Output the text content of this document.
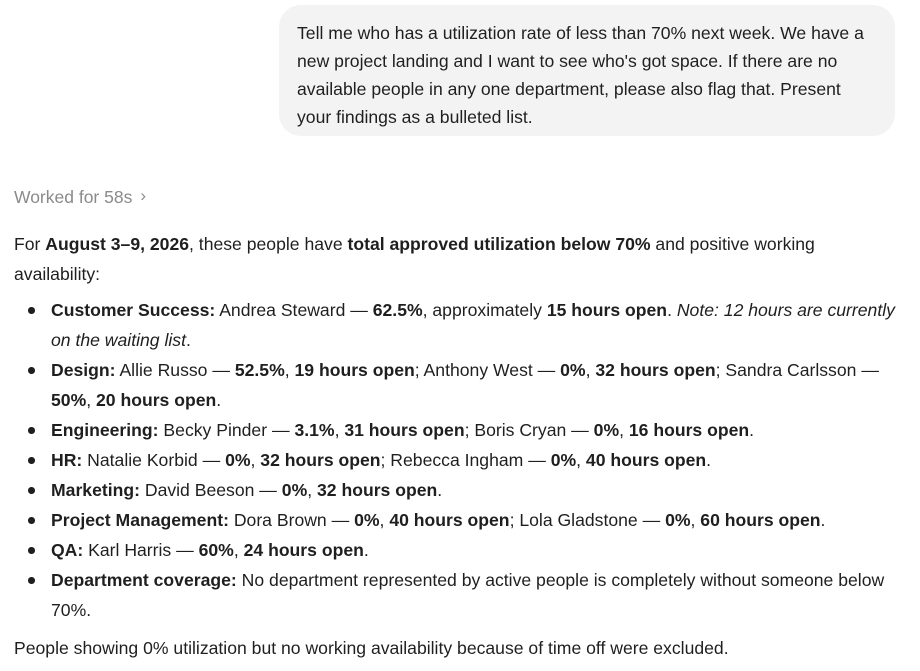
Tell me who has a utilization rate of less than 70% next week. We have a new project landing and I want to see who's got space. If there are no available people in any one department, please also flag that. Present your findings as a bulleted list.
Worked for 58s ›

For August 3–9, 2026, these people have total approved utilization below 70% and positive working availability:

Customer Success: Andrea Steward — 62.5%, approximately 15 hours open. Note: 12 hours are currently on the waiting list.
Design: Allie Russo — 52.5%, 19 hours open; Anthony West — 0%, 32 hours open; Sandra Carlsson — 50%, 20 hours open.
Engineering: Becky Pinder — 3.1%, 31 hours open; Boris Cryan — 0%, 16 hours open.
HR: Natalie Korbid — 0%, 32 hours open; Rebecca Ingham — 0%, 40 hours open.
Marketing: David Beeson — 0%, 32 hours open.
Project Management: Dora Brown — 0%, 40 hours open; Lola Gladstone — 0%, 60 hours open.
QA: Karl Harris — 60%, 24 hours open.
Department coverage: No department represented by active people is completely without someone below 70%.

People showing 0% utilization but no working availability because of time off were excluded.
